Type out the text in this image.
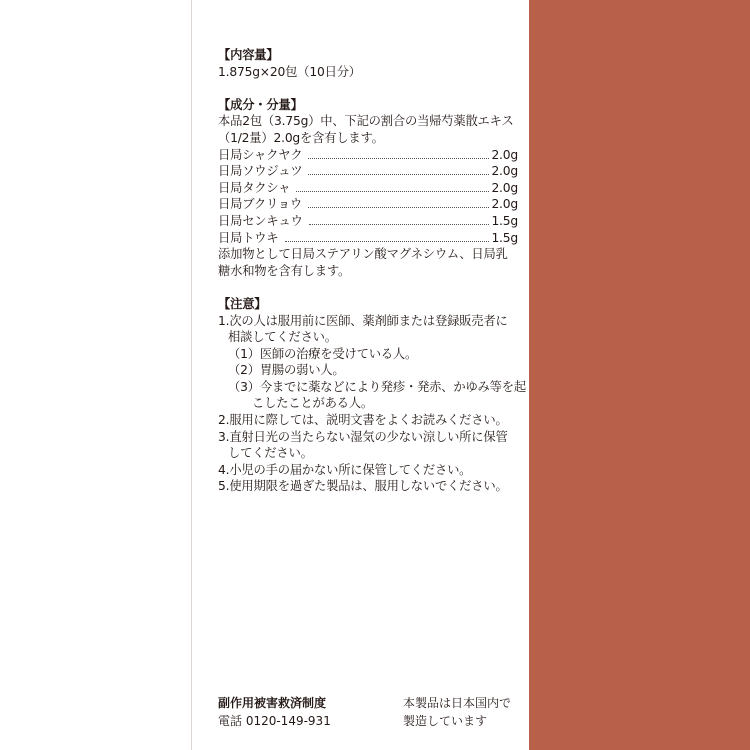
【内容量】
1.875g×20包（10日分）
【成分・分量】
本品2包（3.75g）中、下記の割合の当帰芍薬散エキス
（1/2量）2.0gを含有します。
日局シャクヤク	2.0g
日局ソウジュツ	2.0g
日局タクシャ	2.0g
日局ブクリョウ	2.0g
日局センキュウ	1.5g
日局トウキ	1.5g
添加物として日局ステアリン酸マグネシウム、日局乳
糖水和物を含有します。
【注意】
1.次の人は服用前に医師、薬剤師または登録販売者に
相談してください。
（1）医師の治療を受けている人。
（2）胃腸の弱い人。
（3）今までに薬などにより発疹・発赤、かゆみ等を起
こしたことがある人。
2.服用に際しては、説明文書をよくお読みください。
3.直射日光の当たらない湿気の少ない涼しい所に保管
してください。
4.小児の手の届かない所に保管してください。
5.使用期限を過ぎた製品は、服用しないでください。
副作用被害救済制度
電話 0120-149-931
本製品は日本国内で
製造しています
